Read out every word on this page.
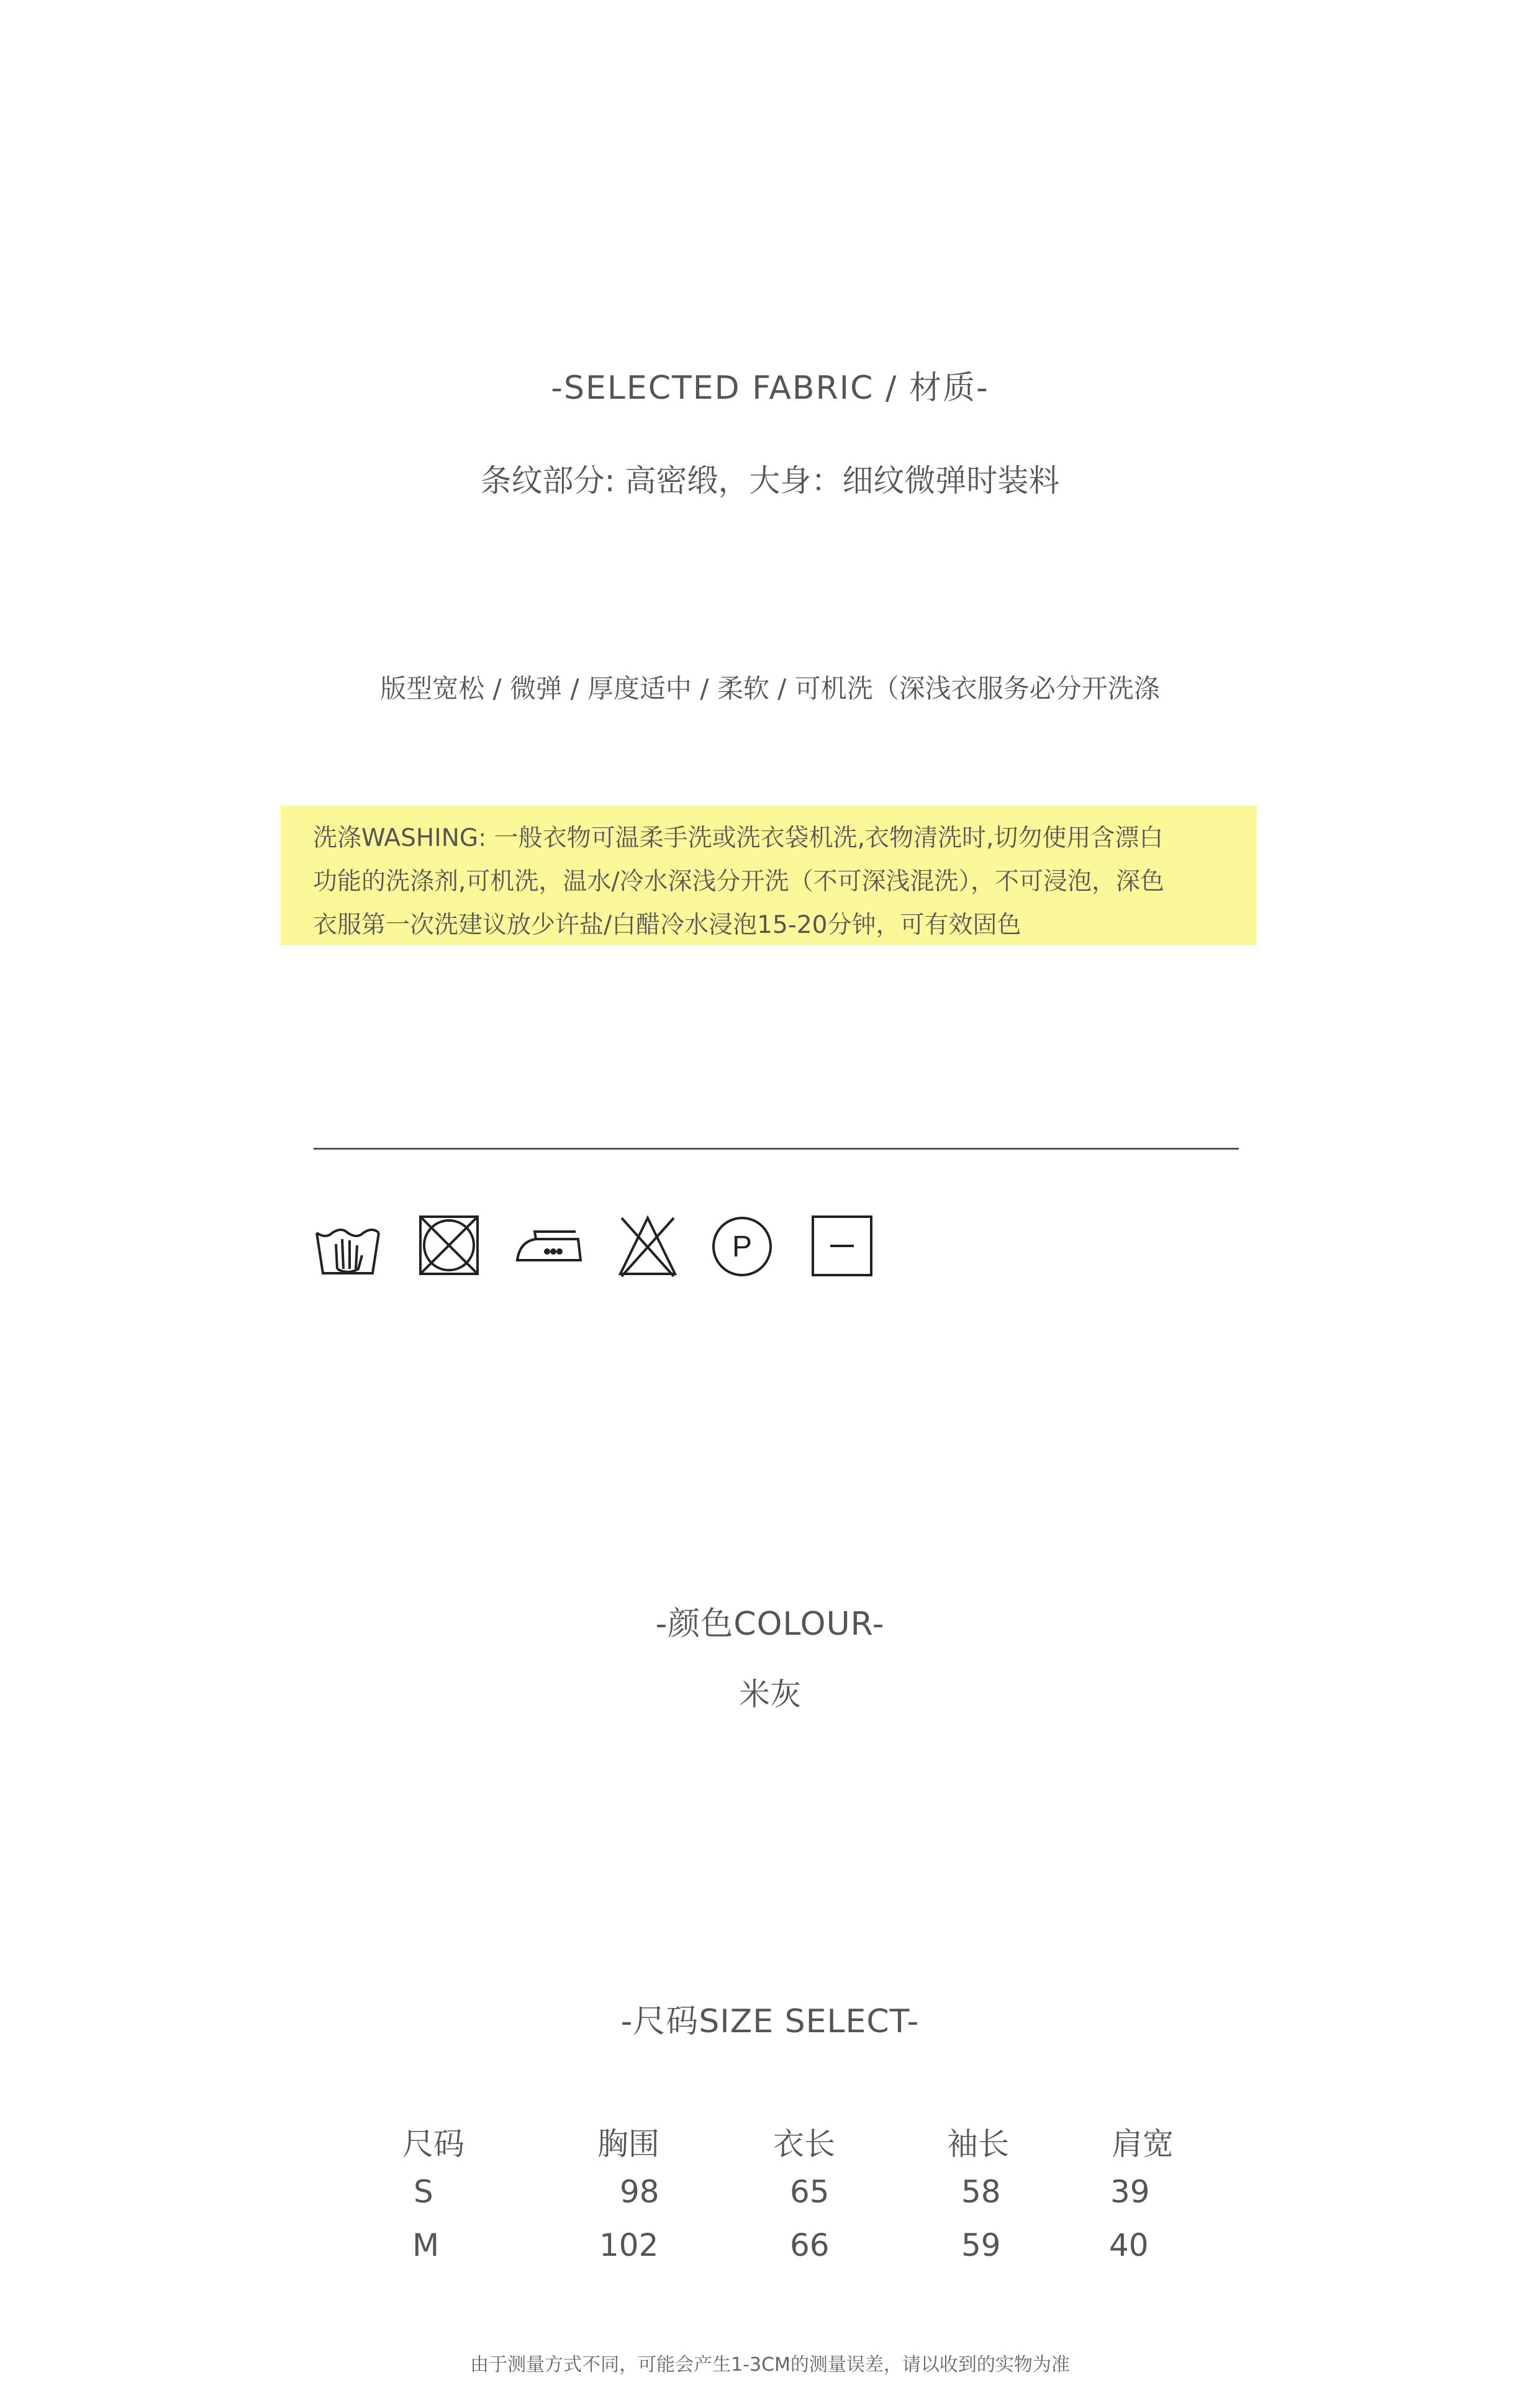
-SELECTED FABRIC / 材质-
条纹部分: 高密缎，大身：细纹微弹时装料
版型宽松 / 微弹 / 厚度适中 / 柔软 / 可机洗（深浅衣服务必分开洗涤
洗涤WASHING: 一般衣物可温柔手洗或洗衣袋机洗,衣物清洗时,切勿使用含漂白
功能的洗涤剂,可机洗，温水/冷水深浅分开洗（不可深浅混洗），不可浸泡，深色
衣服第一次洗建议放少许盐/白醋冷水浸泡15-20分钟，可有效固色
P
-颜色COLOUR-
米灰
-尺码SIZE SELECT-
尺码	胸围	衣长	袖长	肩宽
S	98	65	58	39
M	102	66	59	40
由于测量方式不同，可能会产生1-3CM的测量误差，请以收到的实物为准
